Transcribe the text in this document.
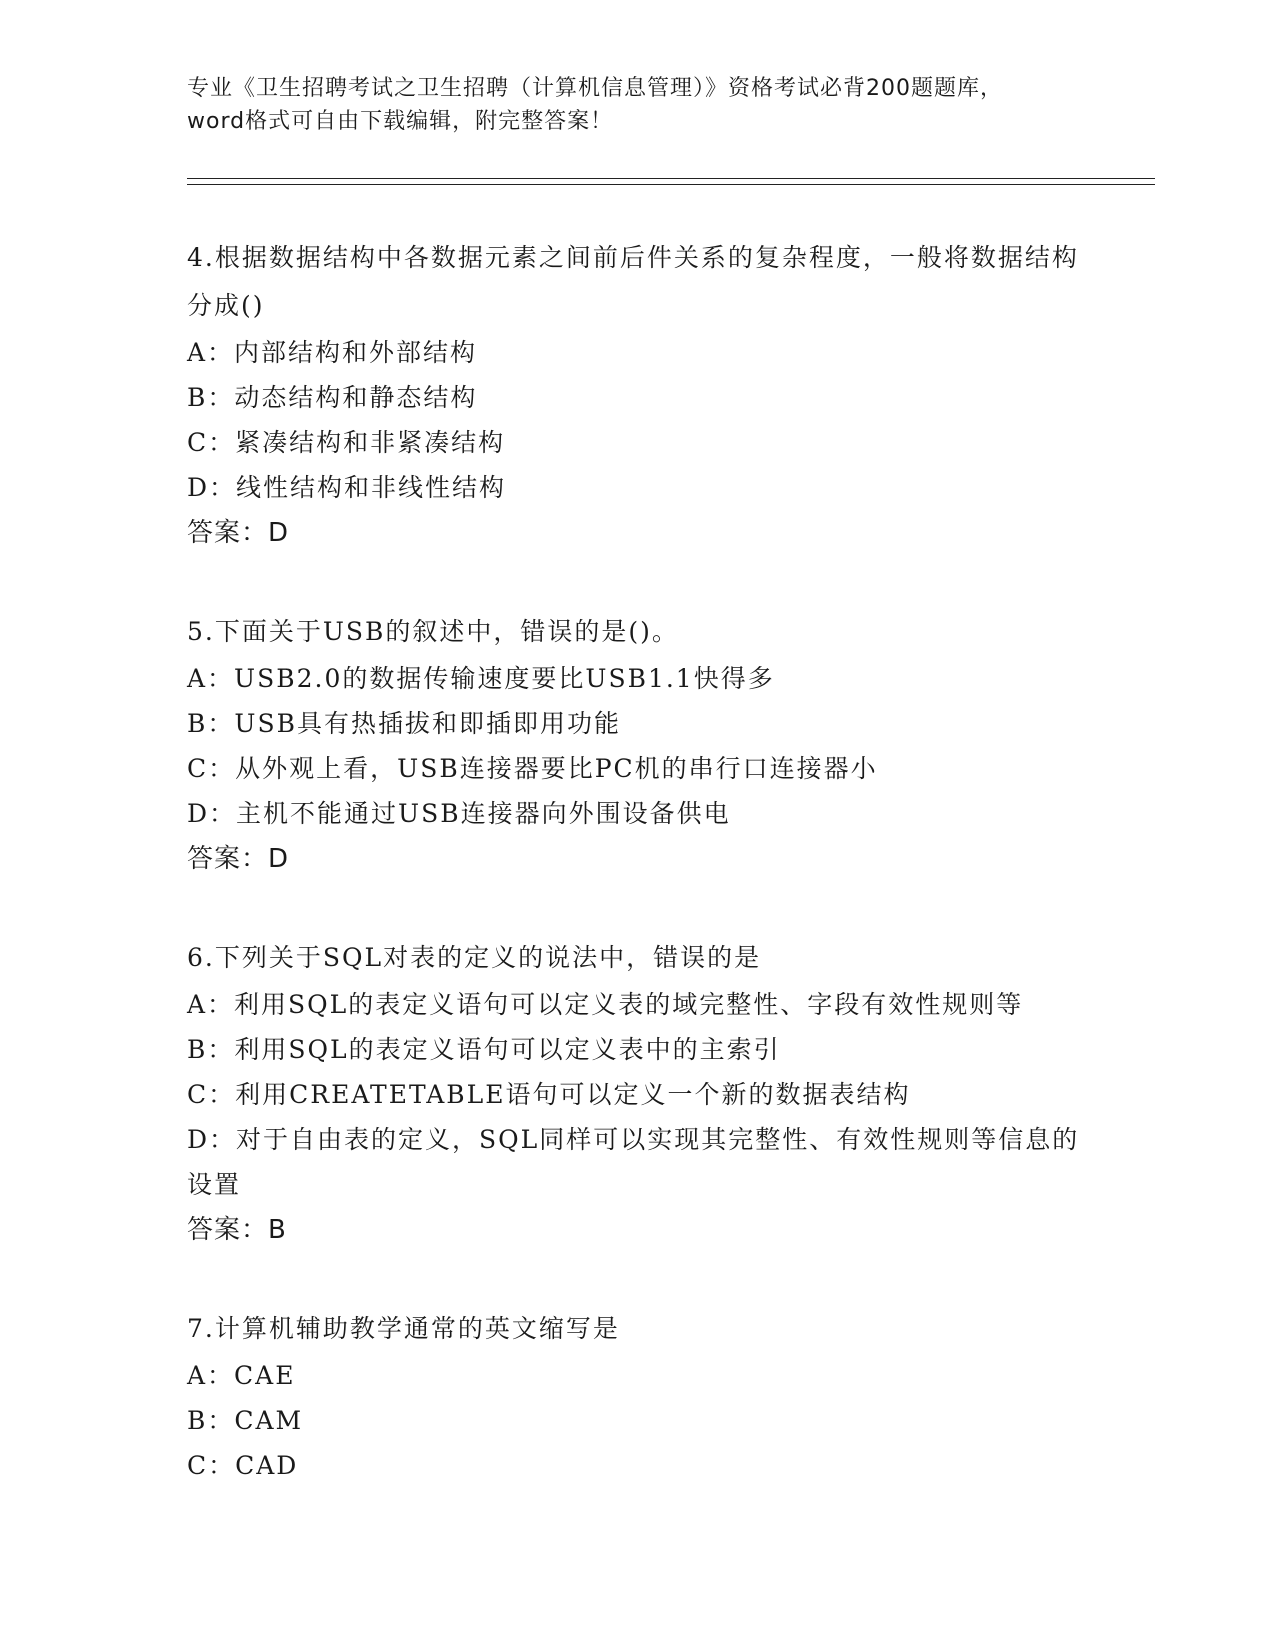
专业《卫生招聘考试之卫生招聘（计算机信息管理）》资格考试必背200题题库，
word格式可自由下载编辑，附完整答案！

4.根据数据结构中各数据元素之间前后件关系的复杂程度，一般将数据结构分成()

A：内部结构和外部结构

B：动态结构和静态结构

C：紧凑结构和非紧凑结构

D：线性结构和非线性结构

答案：D

5.下面关于USB的叙述中，错误的是()。

A：USB2.0的数据传输速度要比USB1.1快得多

B：USB具有热插拔和即插即用功能

C：从外观上看，USB连接器要比PC机的串行口连接器小

D：主机不能通过USB连接器向外围设备供电

答案：D

6.下列关于SQL对表的定义的说法中，错误的是

A：利用SQL的表定义语句可以定义表的域完整性、字段有效性规则等

B：利用SQL的表定义语句可以定义表中的主索引

C：利用CREATETABLE语句可以定义一个新的数据表结构

D：对于自由表的定义，SQL同样可以实现其完整性、有效性规则等信息的设置

答案：B

7.计算机辅助教学通常的英文缩写是

A：CAE

B：CAM

C：CAD
